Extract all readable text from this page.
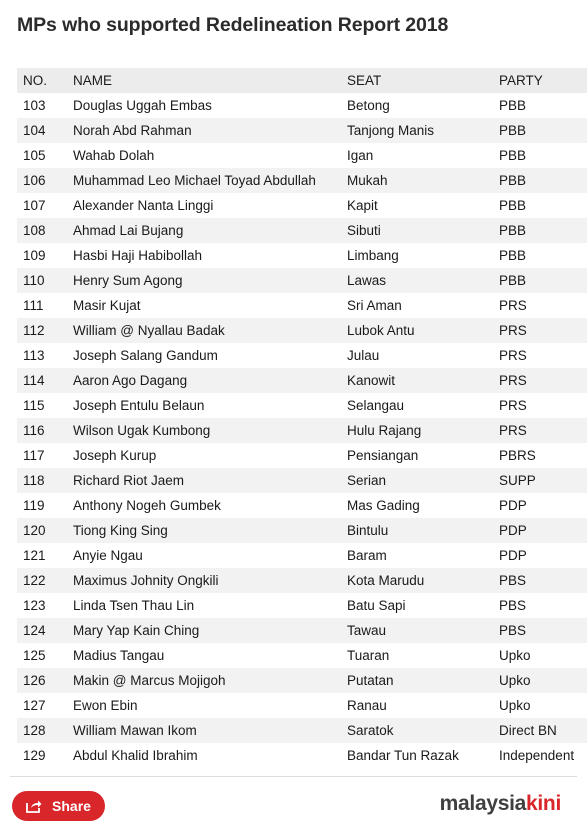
MPs who supported Redelineation Report 2018
NO.	NAME	SEAT	PARTY
103	Douglas Uggah Embas	Betong	PBB
104	Norah Abd Rahman	Tanjong Manis	PBB
105	Wahab Dolah	Igan	PBB
106	Muhammad Leo Michael Toyad Abdullah	Mukah	PBB
107	Alexander Nanta Linggi	Kapit	PBB
108	Ahmad Lai Bujang	Sibuti	PBB
109	Hasbi Haji Habibollah	Limbang	PBB
110	Henry Sum Agong	Lawas	PBB
111	Masir Kujat	Sri Aman	PRS
112	William @ Nyallau Badak	Lubok Antu	PRS
113	Joseph Salang Gandum	Julau	PRS
114	Aaron Ago Dagang	Kanowit	PRS
115	Joseph Entulu Belaun	Selangau	PRS
116	Wilson Ugak Kumbong	Hulu Rajang	PRS
117	Joseph Kurup	Pensiangan	PBRS
118	Richard Riot Jaem	Serian	SUPP
119	Anthony Nogeh Gumbek	Mas Gading	PDP
120	Tiong King Sing	Bintulu	PDP
121	Anyie Ngau	Baram	PDP
122	Maximus Johnity Ongkili	Kota Marudu	PBS
123	Linda Tsen Thau Lin	Batu Sapi	PBS
124	Mary Yap Kain Ching	Tawau	PBS
125	Madius Tangau	Tuaran	Upko
126	Makin @ Marcus Mojigoh	Putatan	Upko
127	Ewon Ebin	Ranau	Upko
128	William Mawan Ikom	Saratok	Direct BN
129	Abdul Khalid Ibrahim	Bandar Tun Razak	Independent
Share	malaysiakini
